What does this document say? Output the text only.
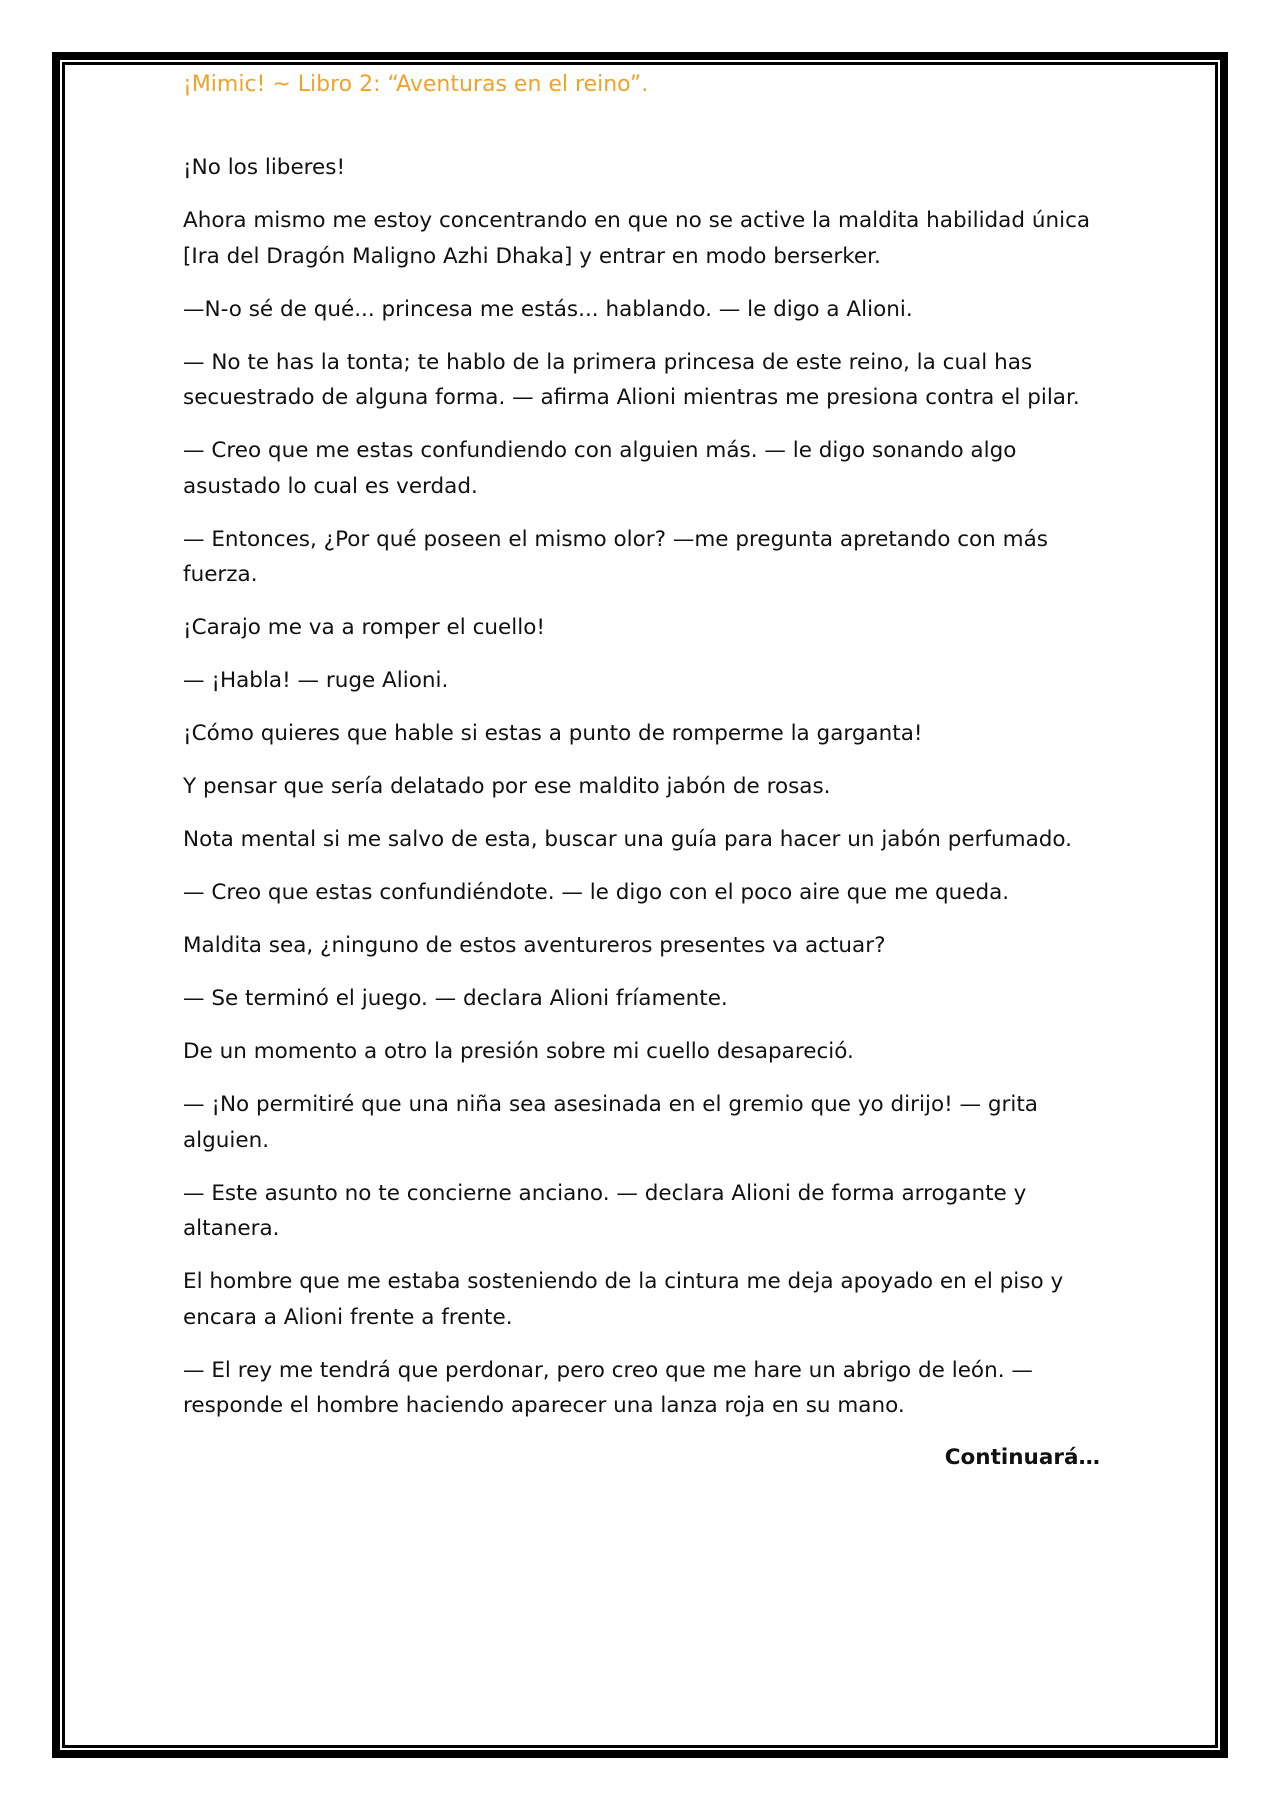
¡Mimic! ~ Libro 2: “Aventuras en el reino”.

¡No los liberes!

Ahora mismo me estoy concentrando en que no se active la maldita habilidad única [Ira del Dragón Maligno Azhi Dhaka] y entrar en modo berserker.

—N-o sé de qué... princesa me estás... hablando. — le digo a Alioni.

— No te has la tonta; te hablo de la primera princesa de este reino, la cual has secuestrado de alguna forma. — afirma Alioni mientras me presiona contra el pilar.

— Creo que me estas confundiendo con alguien más. — le digo sonando algo asustado lo cual es verdad.

— Entonces, ¿Por qué poseen el mismo olor? —me pregunta apretando con más fuerza.

¡Carajo me va a romper el cuello!

— ¡Habla! — ruge Alioni.

¡Cómo quieres que hable si estas a punto de romperme la garganta!

Y pensar que sería delatado por ese maldito jabón de rosas.

Nota mental si me salvo de esta, buscar una guía para hacer un jabón perfumado.

— Creo que estas confundiéndote. — le digo con el poco aire que me queda.

Maldita sea, ¿ninguno de estos aventureros presentes va actuar?

— Se terminó el juego. — declara Alioni fríamente.

De un momento a otro la presión sobre mi cuello desapareció.

— ¡No permitiré que una niña sea asesinada en el gremio que yo dirijo! — grita alguien.

— Este asunto no te concierne anciano. — declara Alioni de forma arrogante y altanera.

El hombre que me estaba sosteniendo de la cintura me deja apoyado en el piso y encara a Alioni frente a frente.

— El rey me tendrá que perdonar, pero creo que me hare un abrigo de león. — responde el hombre haciendo aparecer una lanza roja en su mano.

Continuará…
